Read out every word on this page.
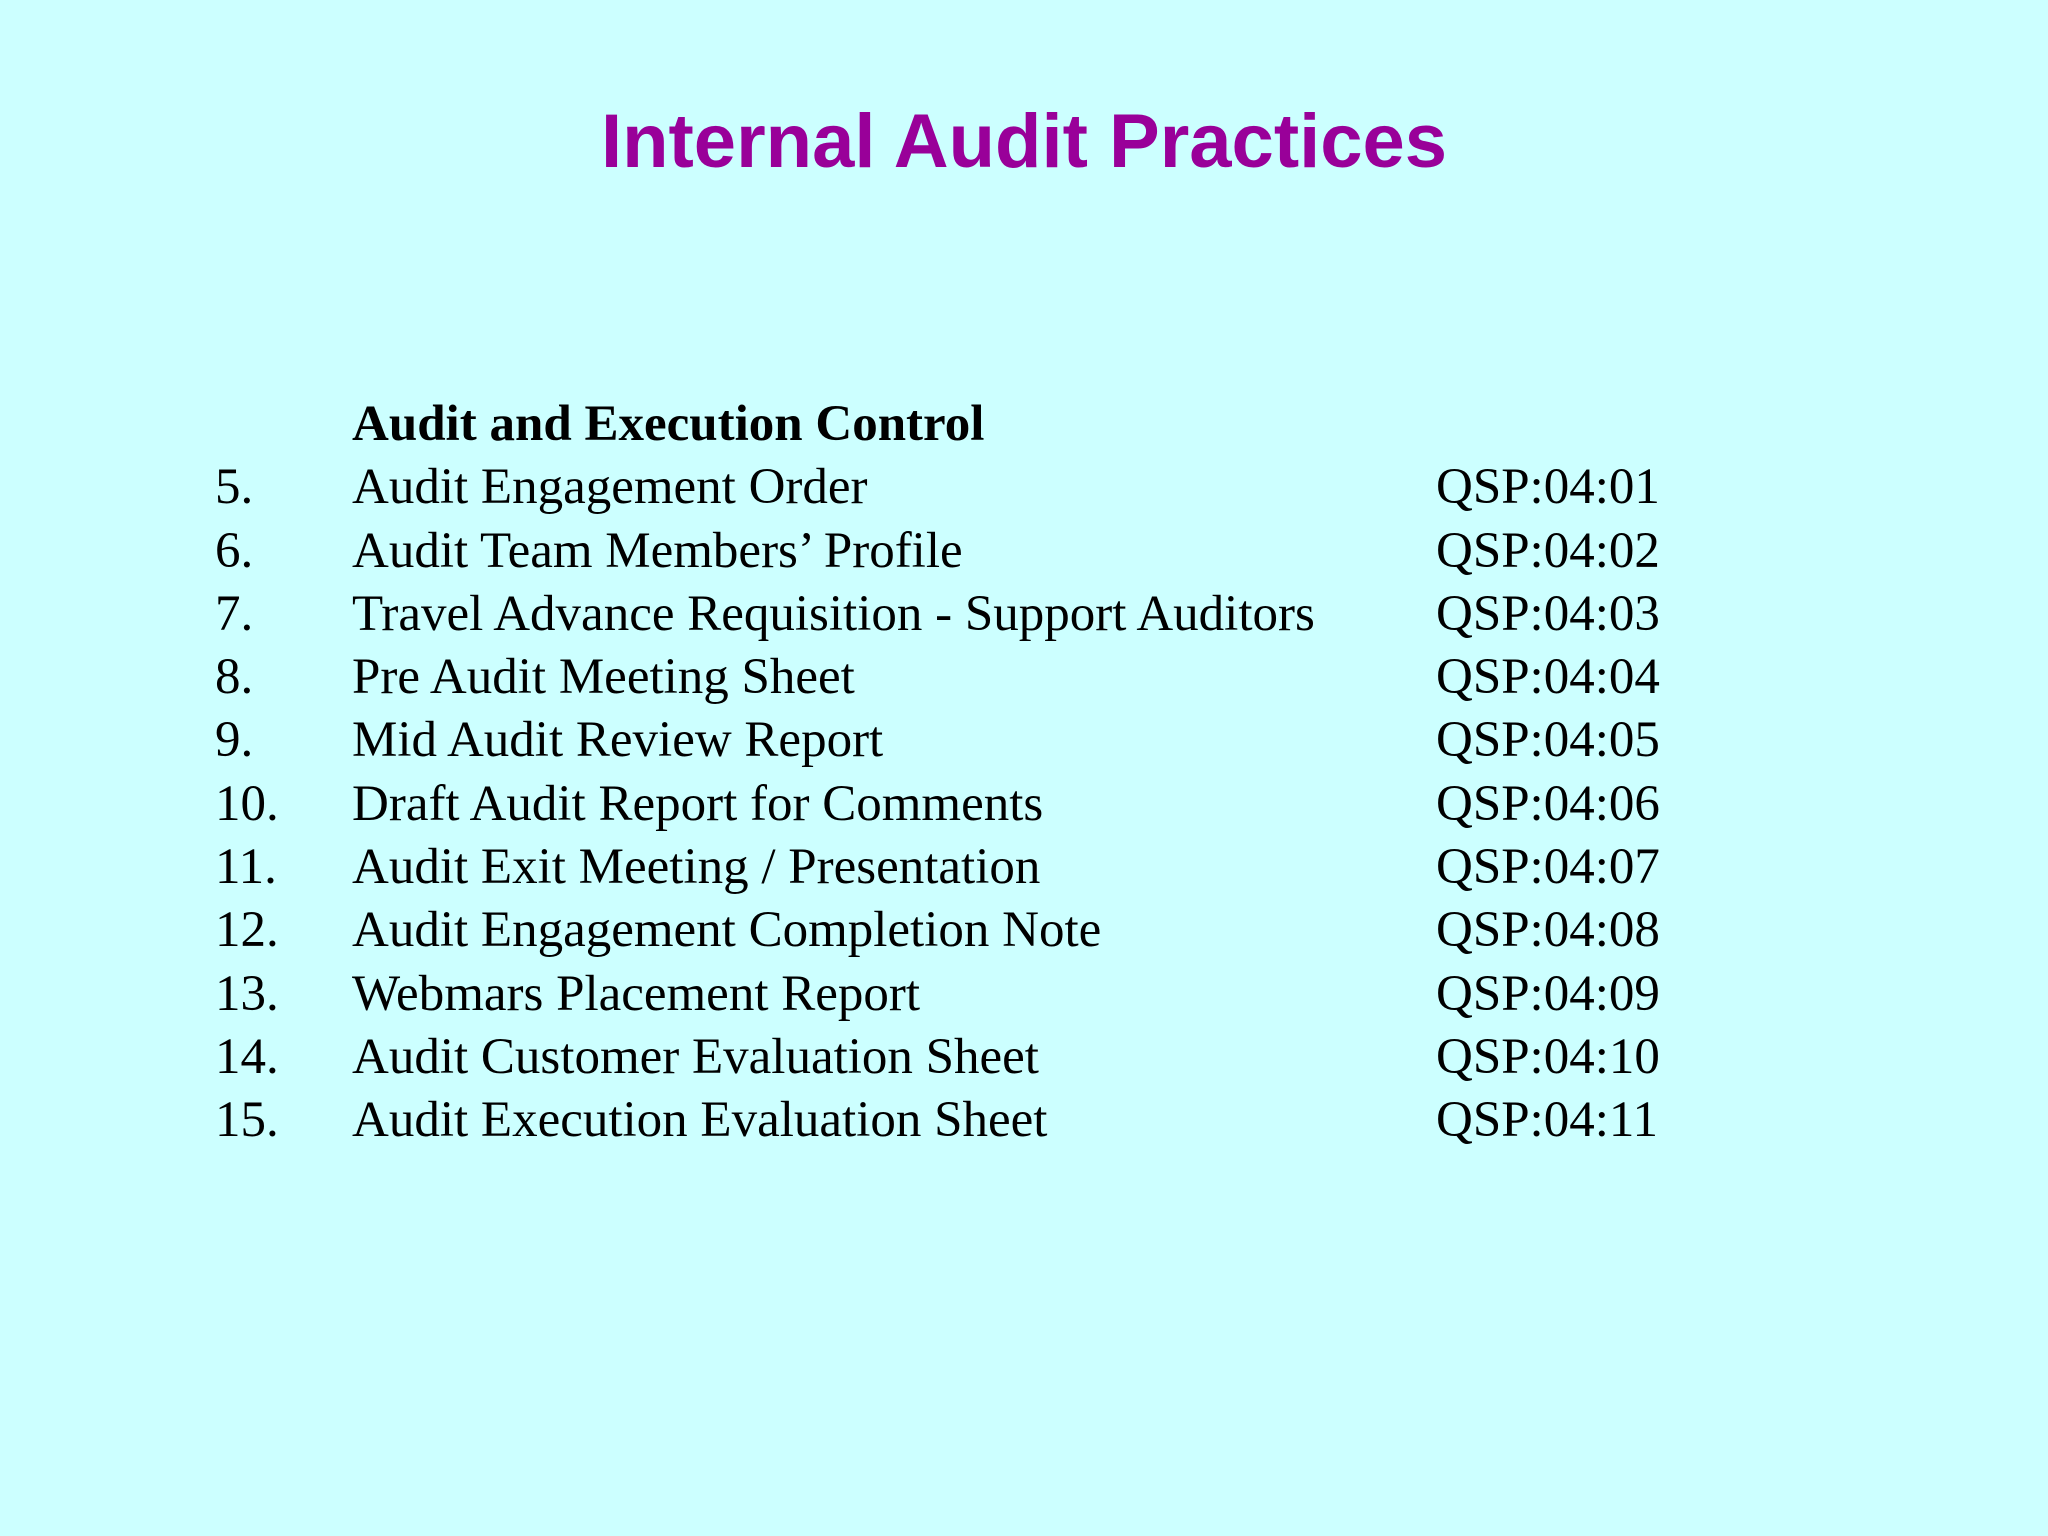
Internal Audit Practices
Audit and Execution Control
5. Audit Engagement Order	QSP:04:01
6. Audit Team Members’ Profile	QSP:04:02
7. Travel Advance Requisition - Support Auditors QSP:04:03
8. Pre Audit Meeting Sheet	QSP:04:04
9. Mid Audit Review Report	QSP:04:05
10. Draft Audit Report for Comments	QSP:04:06
11. Audit Exit Meeting / Presentation	QSP:04:07
12. Audit Engagement Completion Note	QSP:04:08
13. Webmars Placement Report	QSP:04:09
14. Audit Customer Evaluation Sheet	QSP:04:10
15. Audit Execution Evaluation Sheet	QSP:04:11
